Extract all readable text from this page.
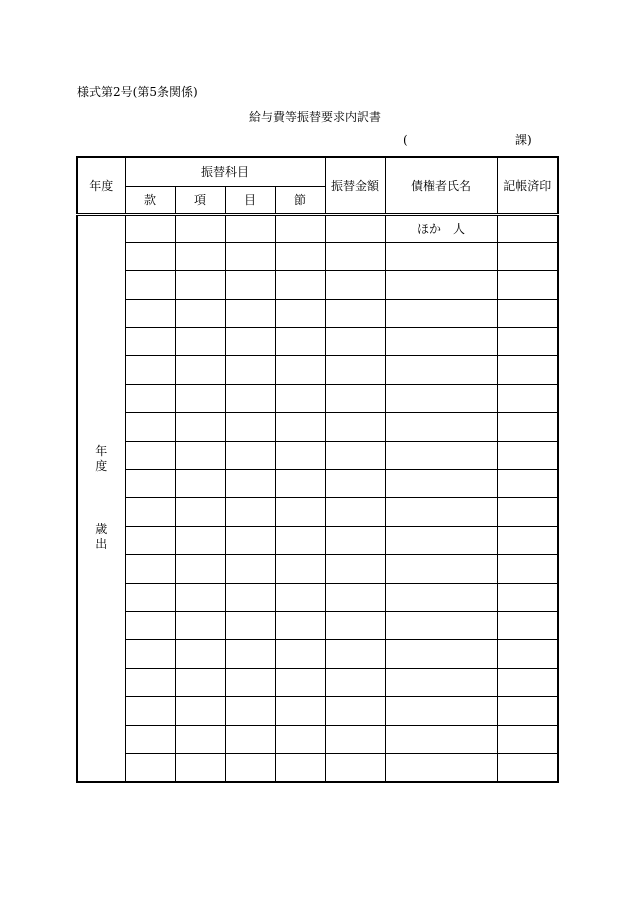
様式第2号(第5条関係)
給与費等振替要求内訳書
(	課)
年度	振替科目				振替金額	債権者氏名	記帳済印
	款	項	目	節			

年
度
歳
出						ほか　人	
